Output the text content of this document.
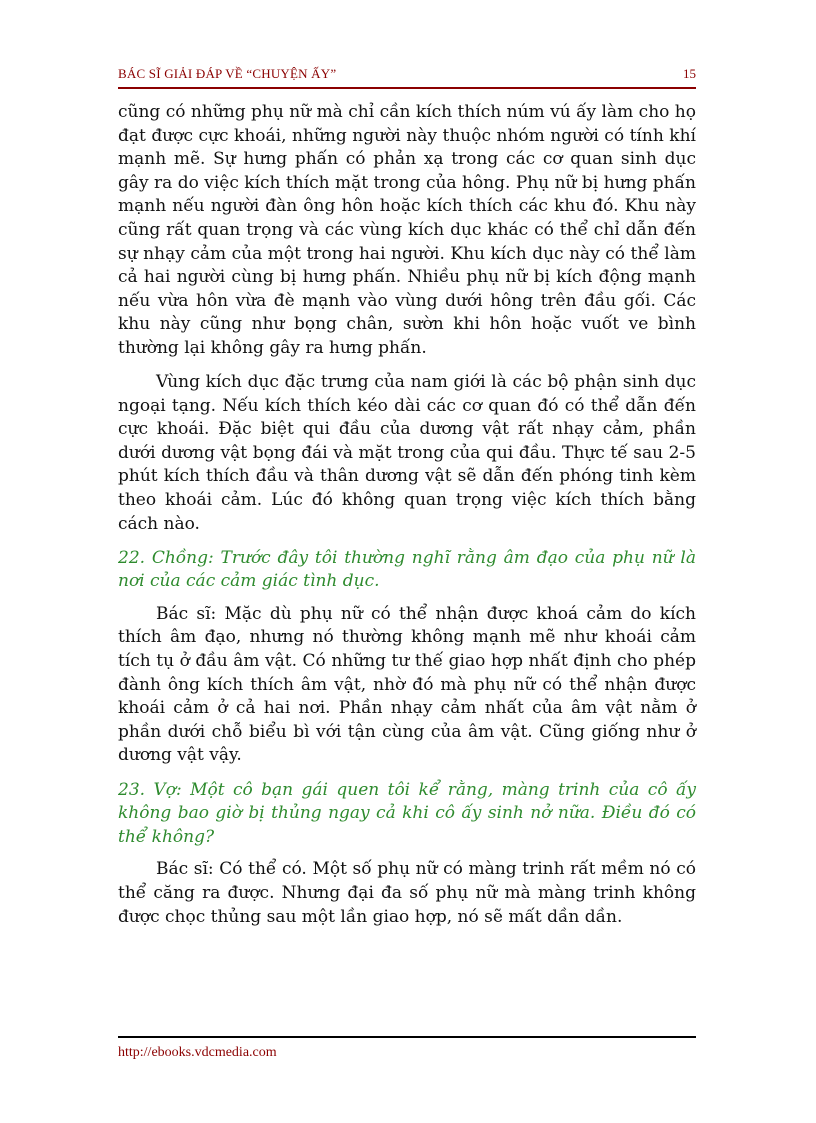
BÁC SĨ GIẢI ĐÁP VỀ “CHUYỆN ẤY”	15

cũng có những phụ nữ mà chỉ cần kích thích núm vú ấy làm cho họ đạt được cực khoái, những người này thuộc nhóm người có tính khí mạnh mẽ. Sự hưng phấn có phản xạ trong các cơ quan sinh dục gây ra do việc kích thích mặt trong của hông. Phụ nữ bị hưng phấn mạnh nếu người đàn ông hôn hoặc kích thích các khu đó. Khu này cũng rất quan trọng và các vùng kích dục khác có thể chỉ dẫn đến sự nhạy cảm của một trong hai người. Khu kích dục này có thể làm cả hai người cùng bị hưng phấn. Nhiều phụ nữ bị kích động mạnh nếu vừa hôn vừa đè mạnh vào vùng dưới hông trên đầu gối. Các khu này cũng như bọng chân, sườn khi hôn hoặc vuốt ve bình thường lại không gây ra hưng phấn.

Vùng kích dục đặc trưng của nam giới là các bộ phận sinh dục ngoại tạng. Nếu kích thích kéo dài các cơ quan đó có thể dẫn đến cực khoái. Đặc biệt qui đầu của dương vật rất nhạy cảm, phần dưới dương vật bọng đái và mặt trong của qui đầu. Thực tế sau 2-5 phút kích thích đầu và thân dương vật sẽ dẫn đến phóng tinh kèm theo khoái cảm. Lúc đó không quan trọng việc kích thích bằng cách nào.

22. Chồng: Trước đây tôi thường nghĩ rằng âm đạo của phụ nữ là nơi của các cảm giác tình dục.

Bác sĩ: Mặc dù phụ nữ có thể nhận được khoá cảm do kích thích âm đạo, nhưng nó thường không mạnh mẽ như khoái cảm tích tụ ở đầu âm vật. Có những tư thế giao hợp nhất định cho phép đành ông kích thích âm vật, nhờ đó mà phụ nữ có thể nhận được khoái cảm ở cả hai nơi. Phần nhạy cảm nhất của âm vật nằm ở phần dưới chỗ biểu bì với tận cùng của âm vật. Cũng giống như ở dương vật vậy.

23. Vợ: Một cô bạn gái quen tôi kể rằng, màng trinh của cô ấy không bao giờ bị thủng ngay cả khi cô ấy sinh nở nữa. Điều đó có thể không?

Bác sĩ: Có thể có. Một số phụ nữ có màng trinh rất mềm nó có thể căng ra được. Nhưng đại đa số phụ nữ mà màng trinh không được chọc thủng sau một lần giao hợp, nó sẽ mất dần dần.

http://ebooks.vdcmedia.com
